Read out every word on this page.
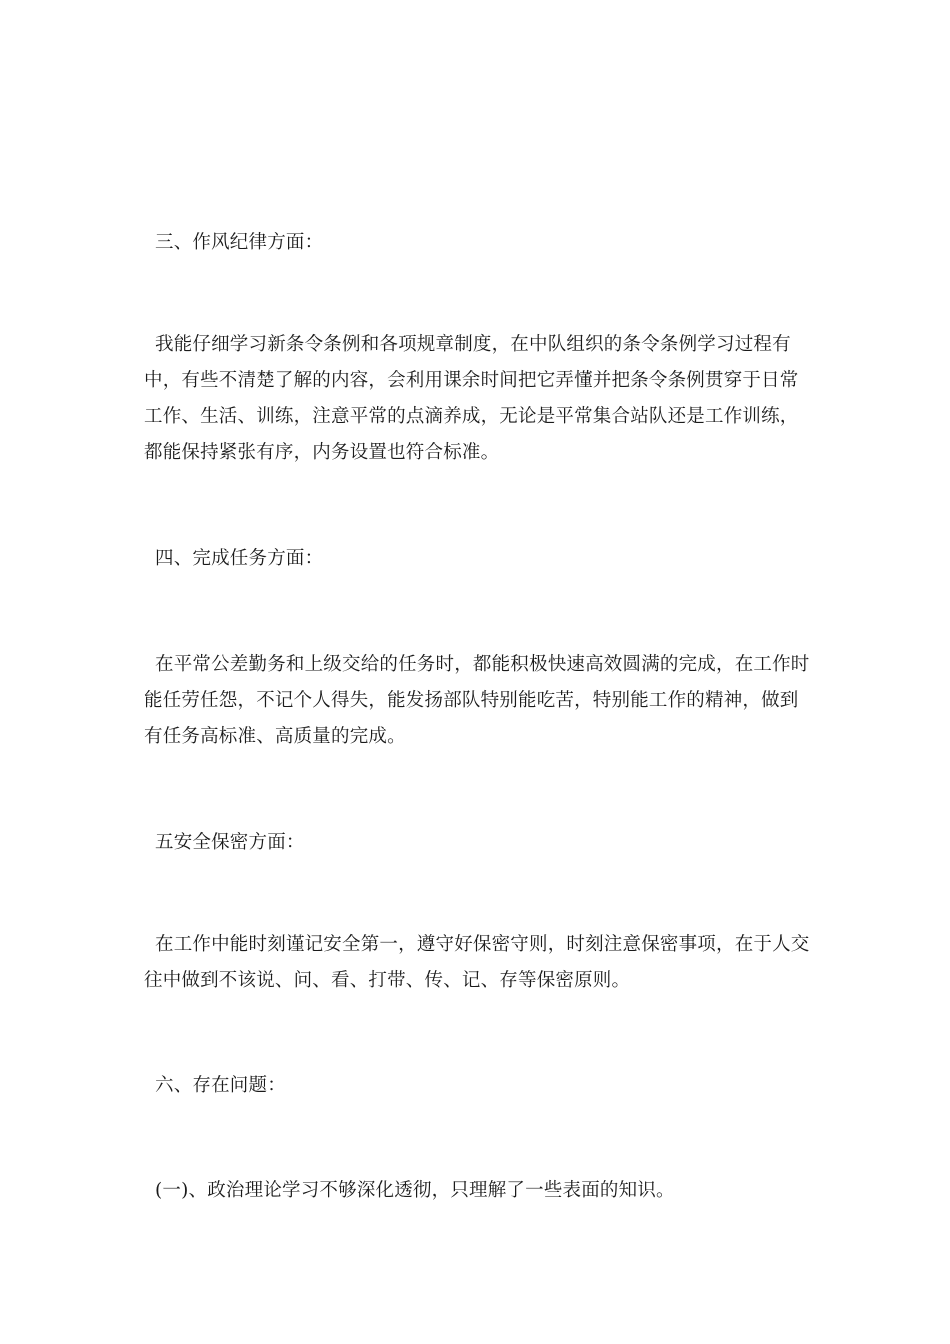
三、作风纪律方面：

我能仔细学习新条令条例和各项规章制度，在中队组织的条令条例学习过程有中，有些不清楚了解的内容，会利用课余时间把它弄懂并把条令条例贯穿于日常工作、生活、训练，注意平常的点滴养成，无论是平常集合站队还是工作训练，都能保持紧张有序，内务设置也符合标准。

四、完成任务方面：

在平常公差勤务和上级交给的任务时，都能积极快速高效圆满的完成，在工作时能任劳任怨，不记个人得失，能发扬部队特别能吃苦，特别能工作的精神，做到有任务高标准、高质量的完成。

五安全保密方面：

在工作中能时刻谨记安全第一，遵守好保密守则，时刻注意保密事项，在于人交往中做到不该说、问、看、打带、传、记、存等保密原则。

六、存在问题：

(一)、政治理论学习不够深化透彻，只理解了一些表面的知识。
